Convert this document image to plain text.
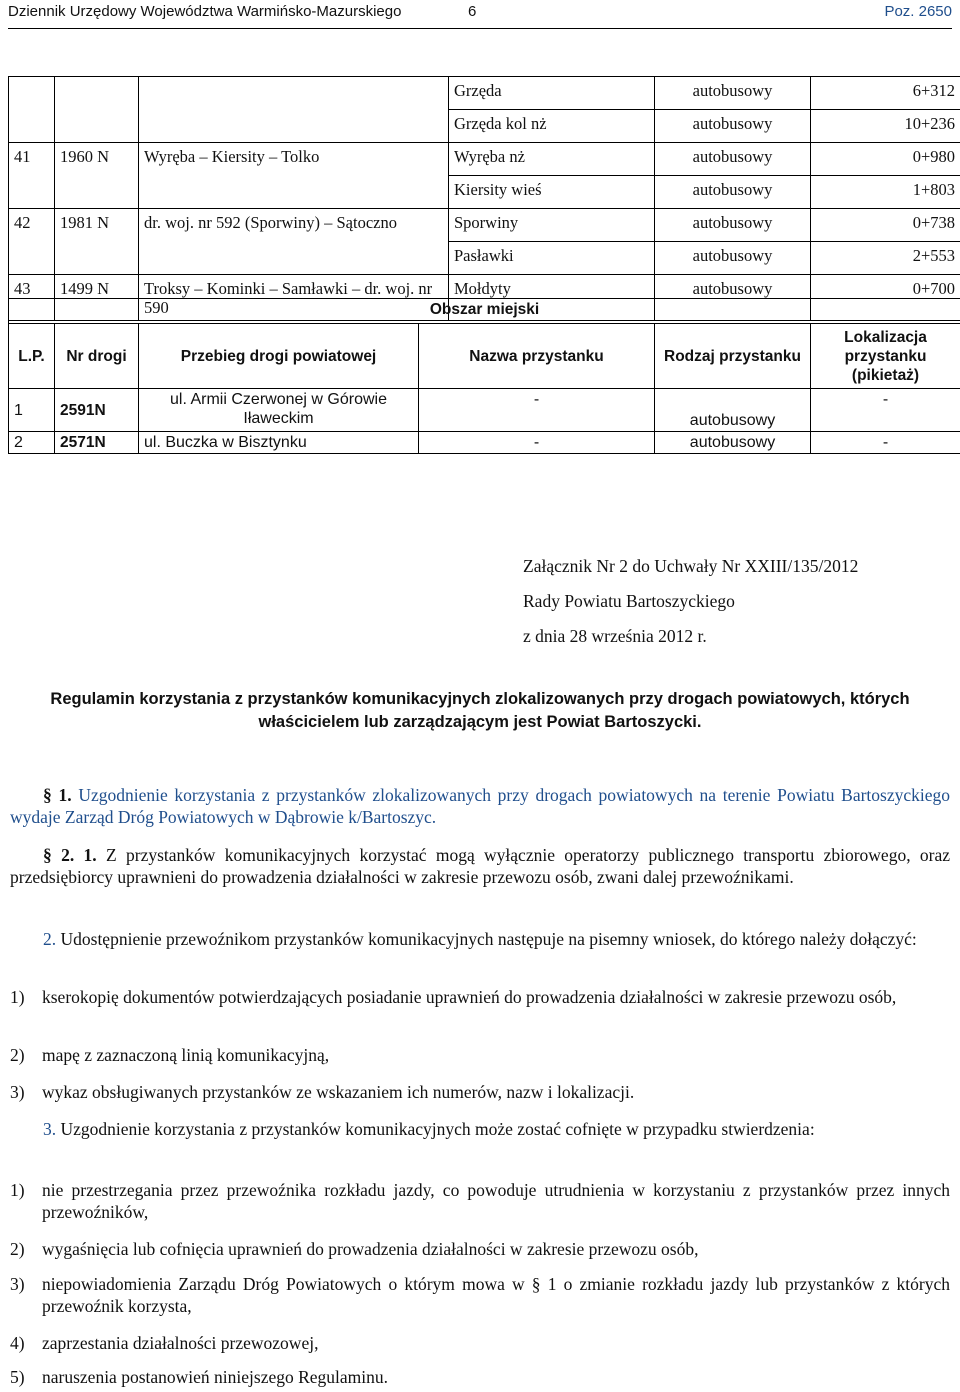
Dziennik Urzędowy Województwa Warmińsko-Mazurskiego	6	Poz. 2650
			Grzęda	autobusowy	6+312
			Grzęda kol nż	autobusowy	10+236
41	1960 N	Wyręba – Kiersity – Tolko	Wyręba nż	autobusowy	0+980
			Kiersity wieś	autobusowy	1+803
42	1981 N	dr. woj. nr 592 (Sporwiny) – Sątoczno	Sporwiny	autobusowy	0+738
			Pasławki	autobusowy	2+553
43	1499 N	Troksy – Kominki – Samławki – dr. woj. nr 590	Mołdyty	autobusowy	0+700
Obszar miejski					
L.P.	Nr drogi	Przebieg drogi powiatowej	Nazwa przystanku	Rodzaj przystanku	Lokalizacja przystanku (pikietaż)
1	2591N	ul. Armii Czerwonej w Górowie Iławeckim	-	autobusowy	-
2	2571N	ul. Buczka w Bisztynku	-	autobusowy	-
Załącznik Nr 2 do Uchwały Nr XXIII/135/2012
Rady Powiatu Bartoszyckiego
z dnia 28 września 2012 r.
Regulamin korzystania z przystanków komunikacyjnych zlokalizowanych przy drogach powiatowych, których właścicielem lub zarządzającym jest Powiat Bartoszycki.
§ 1. Uzgodnienie korzystania z przystanków zlokalizowanych przy drogach powiatowych na terenie Powiatu Bartoszyckiego wydaje Zarząd Dróg Powiatowych w Dąbrowie k/Bartoszyc.
§ 2. 1. Z przystanków komunikacyjnych korzystać mogą wyłącznie operatorzy publicznego transportu zbiorowego, oraz przedsiębiorcy uprawnieni do prowadzenia działalności w zakresie przewozu osób, zwani dalej przewoźnikami.
2. Udostępnienie przewoźnikom przystanków komunikacyjnych następuje na pisemny wniosek, do którego należy dołączyć:
1) kserokopię dokumentów potwierdzających posiadanie uprawnień do prowadzenia działalności w zakresie przewozu osób,
2) mapę z zaznaczoną linią komunikacyjną,
3) wykaz obsługiwanych przystanków ze wskazaniem ich numerów, nazw i lokalizacji.
3. Uzgodnienie korzystania z przystanków komunikacyjnych może zostać cofnięte w przypadku stwierdzenia:
1) nie przestrzegania przez przewoźnika rozkładu jazdy, co powoduje utrudnienia w korzystaniu z przystanków przez innych przewoźników,
2) wygaśnięcia lub cofnięcia uprawnień do prowadzenia działalności w zakresie przewozu osób,
3) niepowiadomienia Zarządu Dróg Powiatowych o którym mowa w § 1 o zmianie rozkładu jazdy lub przystanków z których przewoźnik korzysta,
4) zaprzestania działalności przewozowej,
5) naruszenia postanowień niniejszego Regulaminu.
